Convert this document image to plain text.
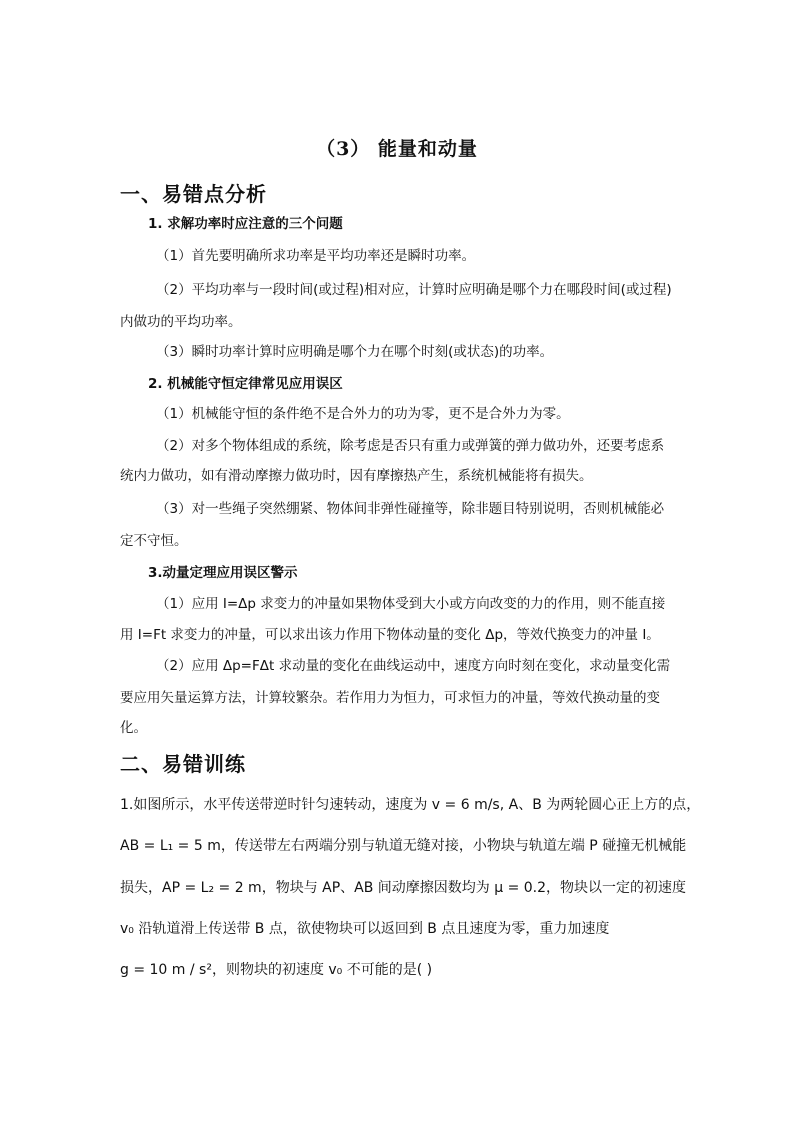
（3） 能量和动量
一、易错点分析
1. 求解功率时应注意的三个问题
（1）首先要明确所求功率是平均功率还是瞬时功率。
（2）平均功率与一段时间(或过程)相对应，计算时应明确是哪个力在哪段时间(或过程)
内做功的平均功率。
（3）瞬时功率计算时应明确是哪个力在哪个时刻(或状态)的功率。
2. 机械能守恒定律常见应用误区
（1）机械能守恒的条件绝不是合外力的功为零，更不是合外力为零。
（2）对多个物体组成的系统，除考虑是否只有重力或弹簧的弹力做功外，还要考虑系
统内力做功，如有滑动摩擦力做功时，因有摩擦热产生，系统机械能将有损失。
（3）对一些绳子突然绷紧、物体间非弹性碰撞等，除非题目特别说明，否则机械能必
定不守恒。
3.动量定理应用误区警示
（1）应用 I=Δp 求变力的冲量如果物体受到大小或方向改变的力的作用，则不能直接
用 I=Ft 求变力的冲量，可以求出该力作用下物体动量的变化 Δp，等效代换变力的冲量 I。
（2）应用 Δp=FΔt 求动量的变化在曲线运动中，速度方向时刻在变化，求动量变化需
要应用矢量运算方法，计算较繁杂。若作用力为恒力，可求恒力的冲量，等效代换动量的变
化。
二、易错训练
1.如图所示，水平传送带逆时针匀速转动，速度为 v = 6 m/s, A、B 为两轮圆心正上方的点，
AB = L₁ = 5 m，传送带左右两端分别与轨道无缝对接，小物块与轨道左端 P 碰撞无机械能
损失，AP = L₂ = 2 m，物块与 AP、AB 间动摩擦因数均为 μ = 0.2，物块以一定的初速度
v₀ 沿轨道滑上传送带 B 点，欲使物块可以返回到 B 点且速度为零，重力加速度
g = 10 m / s²，则物块的初速度 v₀ 不可能的是( )
